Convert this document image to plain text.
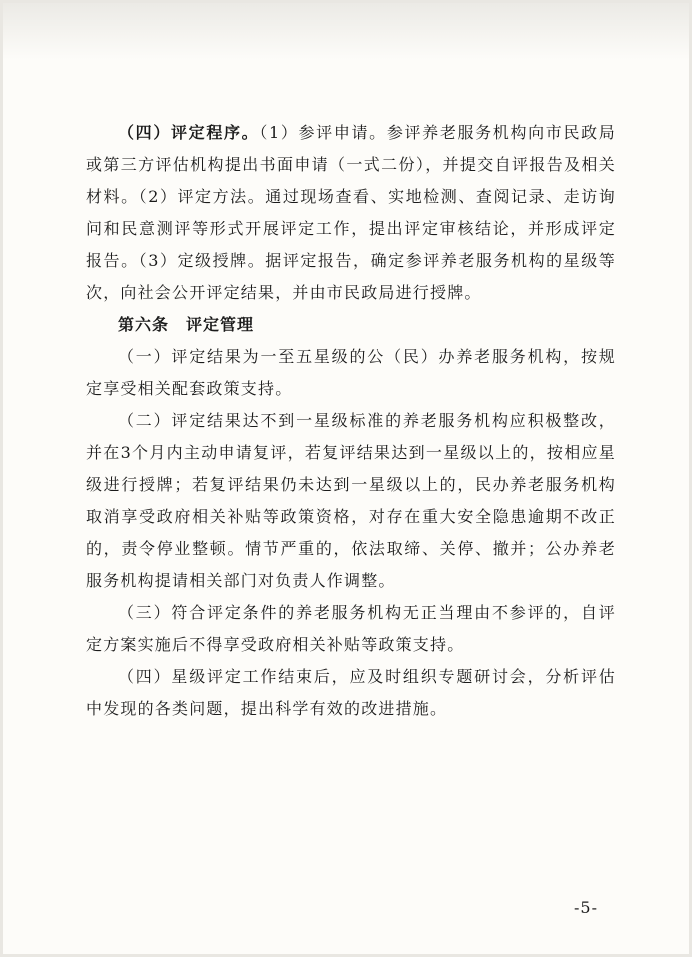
（四）评定程序。（1）参评申请。参评养老服务机构向市民政局或第三方评估机构提出书面申请（一式二份），并提交自评报告及相关材料。（2）评定方法。通过现场查看、实地检测、查阅记录、走访询问和民意测评等形式开展评定工作，提出评定审核结论，并形成评定报告。（3）定级授牌。据评定报告，确定参评养老服务机构的星级等次，向社会公开评定结果，并由市民政局进行授牌。

第六条　评定管理

（一）评定结果为一至五星级的公（民）办养老服务机构，按规定享受相关配套政策支持。

（二）评定结果达不到一星级标准的养老服务机构应积极整改，并在3个月内主动申请复评，若复评结果达到一星级以上的，按相应星级进行授牌；若复评结果仍未达到一星级以上的，民办养老服务机构取消享受政府相关补贴等政策资格，对存在重大安全隐患逾期不改正的，责令停业整顿。情节严重的，依法取缔、关停、撤并；公办养老服务机构提请相关部门对负责人作调整。

（三）符合评定条件的养老服务机构无正当理由不参评的，自评定方案实施后不得享受政府相关补贴等政策支持。

（四）星级评定工作结束后，应及时组织专题研讨会，分析评估中发现的各类问题，提出科学有效的改进措施。

-5-
